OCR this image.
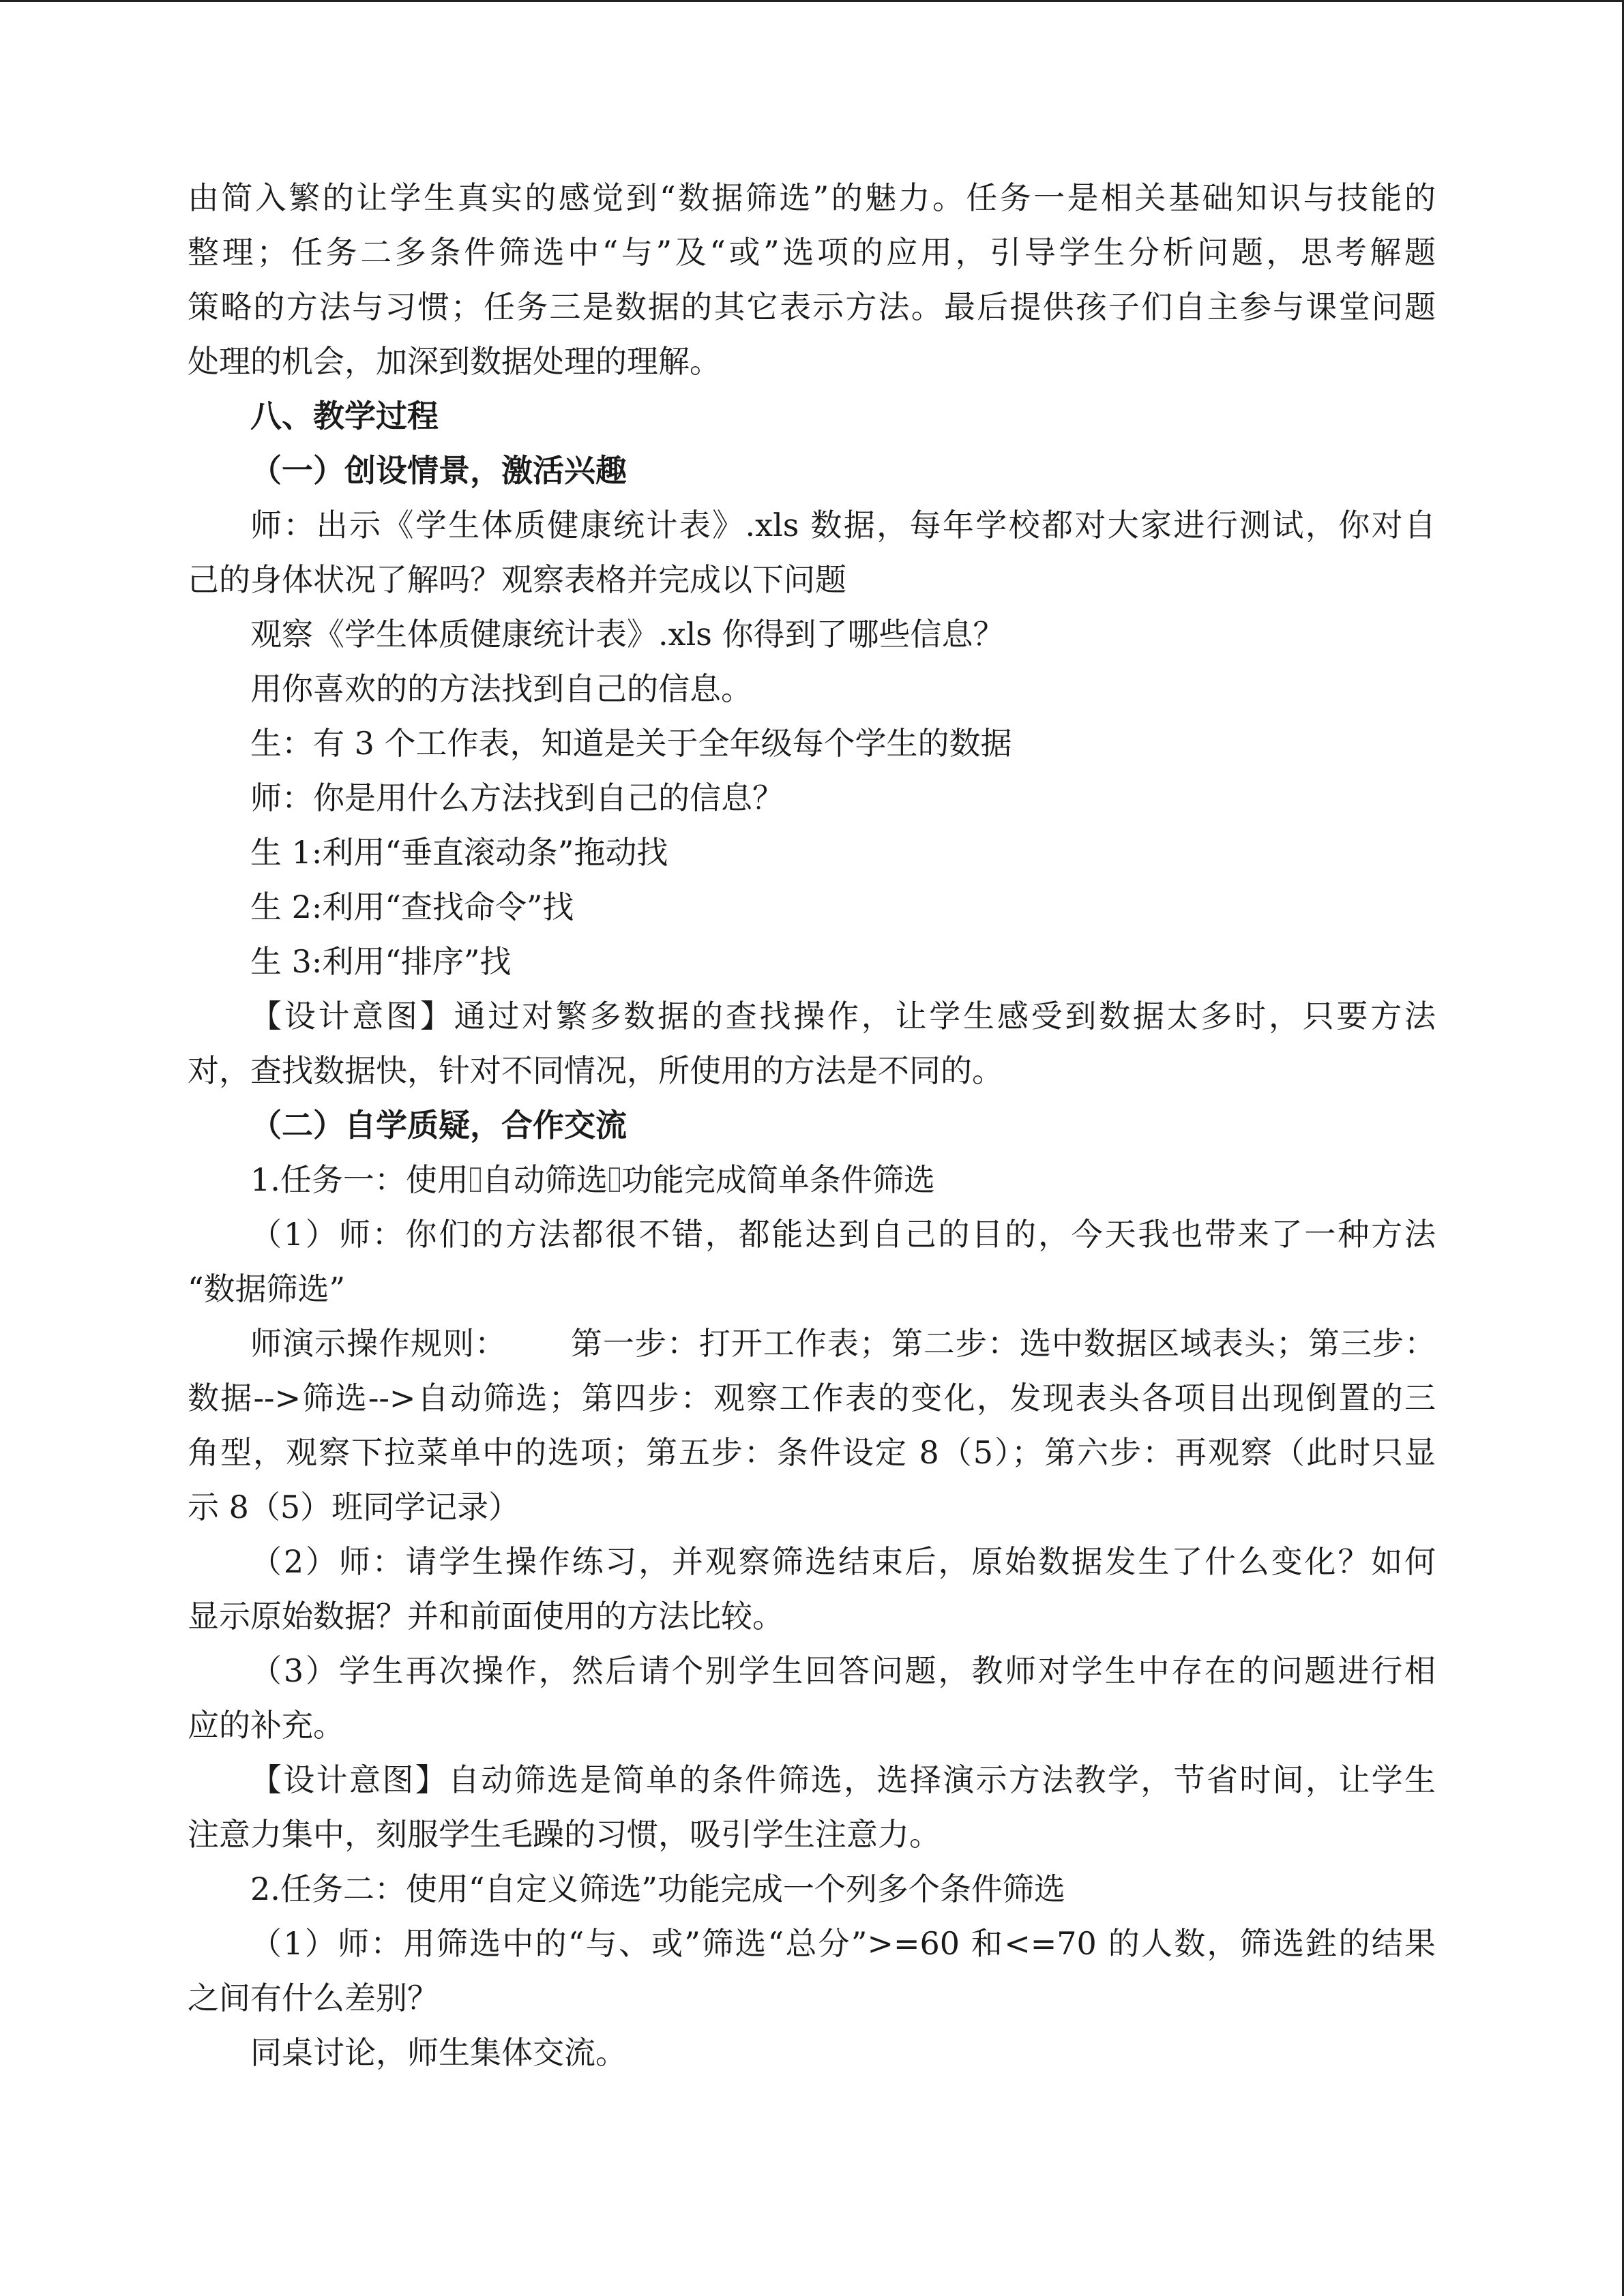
由简入繁的让学生真实的感觉到“数据筛选”的魅力。任务一是相关基础知识与技能的
整理；任务二多条件筛选中“与”及“或”选项的应用，引导学生分析问题，思考解题
策略的方法与习惯；任务三是数据的其它表示方法。最后提供孩子们自主参与课堂问题
处理的机会，加深到数据处理的理解。
八、教学过程
（一）创设情景，激活兴趣
师：出示《学生体质健康统计表》.xls 数据，每年学校都对大家进行测试，你对自
己的身体状况了解吗？观察表格并完成以下问题
观察《学生体质健康统计表》.xls 你得到了哪些信息？
用你喜欢的的方法找到自己的信息。
生：有 3 个工作表，知道是关于全年级每个学生的数据
师：你是用什么方法找到自己的信息？
生 1:利用“垂直滚动条”拖动找
生 2:利用“查找命令”找
生 3:利用“排序”找
【设计意图】通过对繁多数据的查找操作，让学生感受到数据太多时，只要方法
对，查找数据快，针对不同情况，所使用的方法是不同的。
（二）自学质疑，合作交流
1.任务一：使用 自动筛选 功能完成简单条件筛选
（1）师：你们的方法都很不错，都能达到自己的目的，今天我也带来了一种方法
“数据筛选”
师演示操作规则：      第一步：打开工作表；第二步：选中数据区域表头；第三步：
数据-->筛选-->自动筛选；第四步：观察工作表的变化，发现表头各项目出现倒置的三
角型，观察下拉菜单中的选项；第五步：条件设定 8（5）；第六步：再观察（此时只显
示 8（5）班同学记录）
（2）师：请学生操作练习，并观察筛选结束后，原始数据发生了什么变化？如何
显示原始数据？并和前面使用的方法比较。
（3）学生再次操作，然后请个别学生回答问题，教师对学生中存在的问题进行相
应的补充。
【设计意图】自动筛选是简单的条件筛选，选择演示方法教学，节省时间，让学生
注意力集中，刻服学生毛躁的习惯，吸引学生注意力。
2.任务二：使用“自定义筛选”功能完成一个列多个条件筛选
（1）师：用筛选中的“与、或”筛选“总分”>=60 和<=70 的人数，筛选鉎的结果
之间有什么差别？
同桌讨论，师生集体交流。
